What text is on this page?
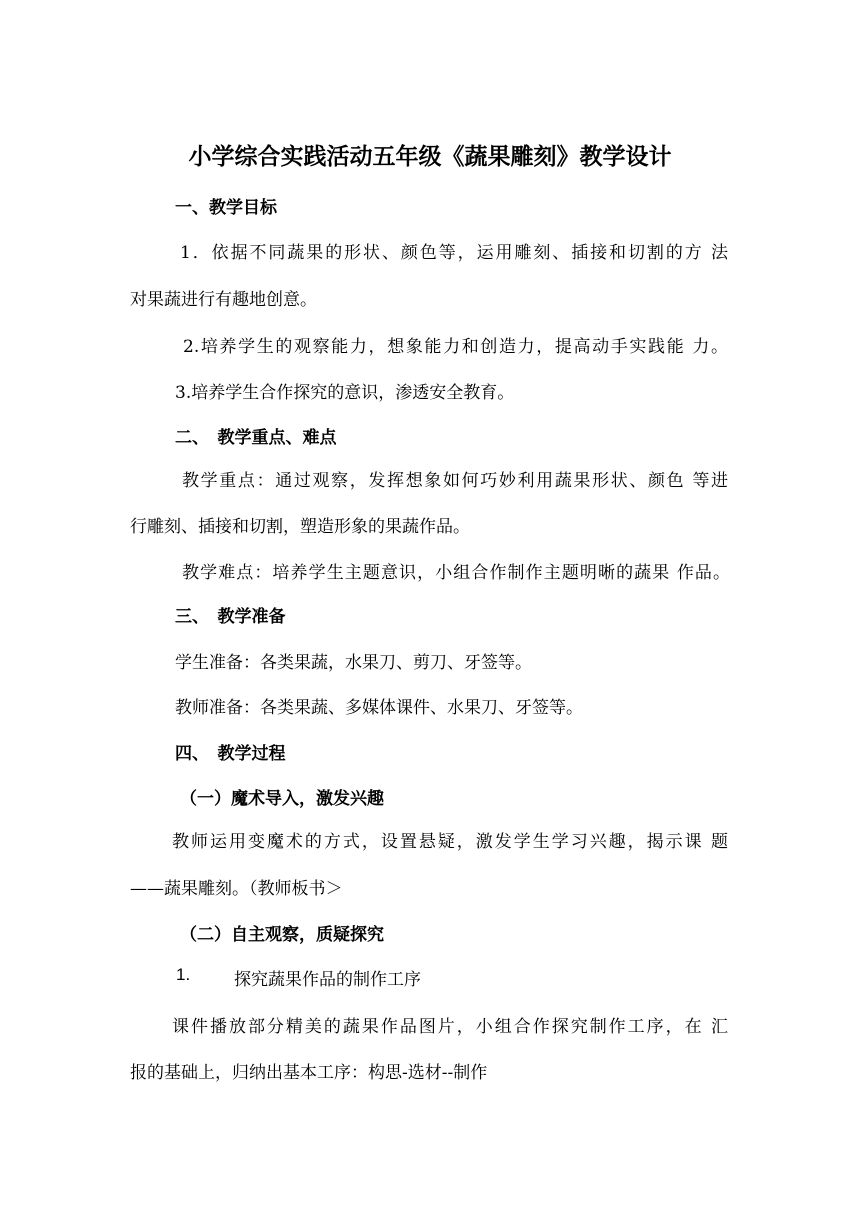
小学综合实践活动五年级《蔬果雕刻》教学设计
一、教学目标
1．依据不同蔬果的形状、颜色等，运用雕刻、插接和切割的方 法
对果蔬进行有趣地创意。
2.培养学生的观察能力，想象能力和创造力，提高动手实践能 力。
3.培养学生合作探究的意识，渗透安全教育。
二、　教学重点、难点
教学重点：通过观察，发挥想象如何巧妙利用蔬果形状、颜色 等进
行雕刻、插接和切割，塑造形象的果蔬作品。
教学难点：培养学生主题意识，小组合作制作主题明晰的蔬果 作品。
三、　教学准备
学生准备：各类果蔬，水果刀、剪刀、牙签等。
教师准备：各类果蔬、多媒体课件、水果刀、牙签等。
四、　教学过程
（一）魔术导入，激发兴趣
教师运用变魔术的方式，设置悬疑，激发学生学习兴趣，揭示课 题
——蔬果雕刻。（教师板书＞
（二）自主观察，质疑探究
1.	探究蔬果作品的制作工序
课件播放部分精美的蔬果作品图片，小组合作探究制作工序，在 汇
报的基础上，归纳出基本工序：构思-选材--制作
